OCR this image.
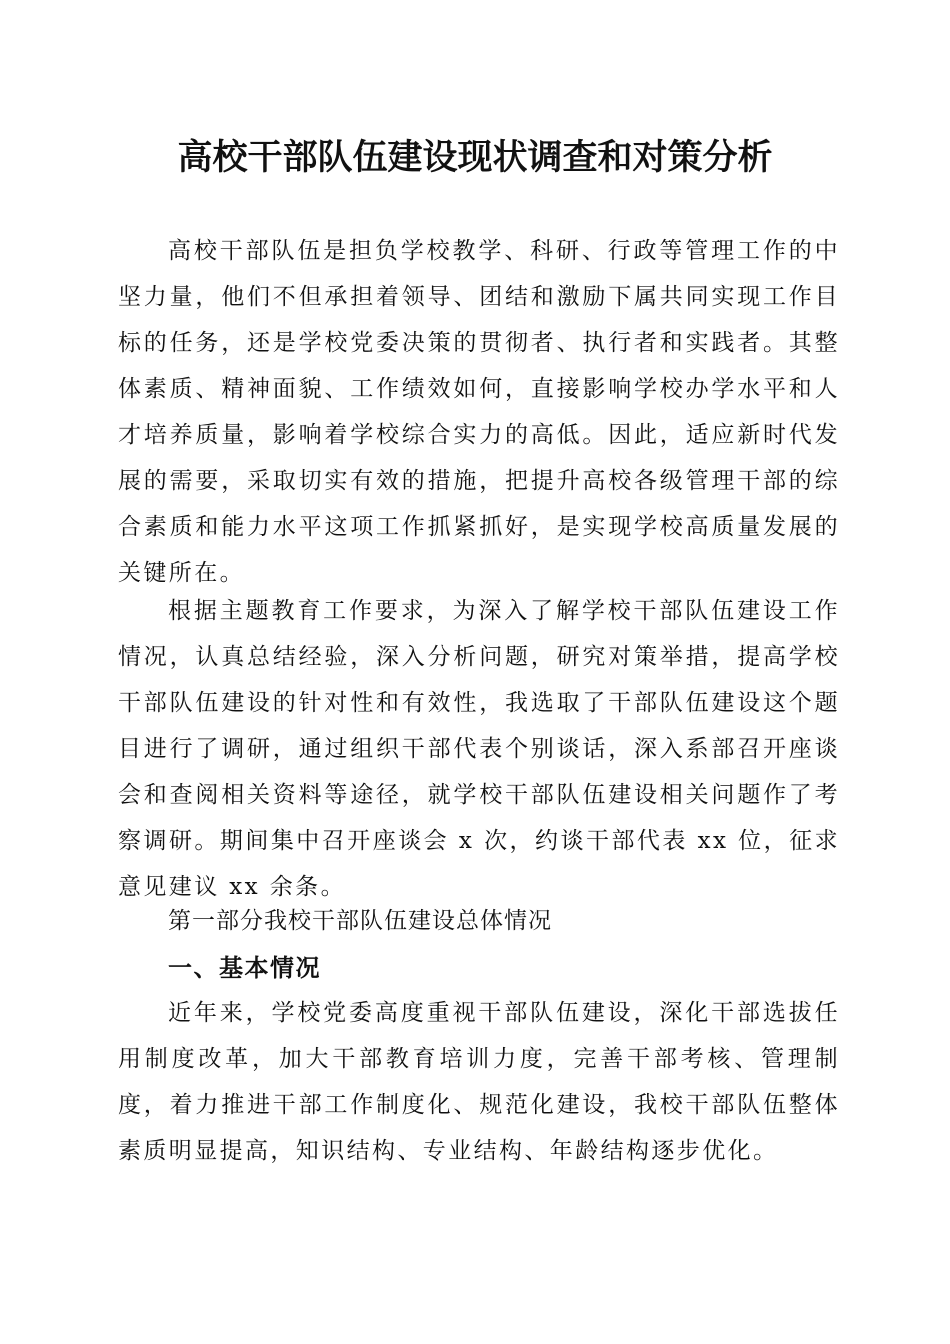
高校干部队伍建设现状调查和对策分析

高校干部队伍是担负学校教学、科研、行政等管理工作的中坚力量，他们不但承担着领导、团结和激励下属共同实现工作目标的任务，还是学校党委决策的贯彻者、执行者和实践者。其整体素质、精神面貌、工作绩效如何，直接影响学校办学水平和人才培养质量，影响着学校综合实力的高低。因此，适应新时代发展的需要，采取切实有效的措施，把提升高校各级管理干部的综合素质和能力水平这项工作抓紧抓好，是实现学校高质量发展的关键所在。

根据主题教育工作要求，为深入了解学校干部队伍建设工作情况，认真总结经验，深入分析问题，研究对策举措，提高学校干部队伍建设的针对性和有效性，我选取了干部队伍建设这个题目进行了调研，通过组织干部代表个别谈话，深入系部召开座谈会和查阅相关资料等途径，就学校干部队伍建设相关问题作了考察调研。期间集中召开座谈会 x 次，约谈干部代表 xx 位，征求意见建议 xx 余条。

第一部分我校干部队伍建设总体情况

一、基本情况

近年来，学校党委高度重视干部队伍建设，深化干部选拔任用制度改革，加大干部教育培训力度，完善干部考核、管理制度，着力推进干部工作制度化、规范化建设，我校干部队伍整体素质明显提高，知识结构、专业结构、年龄结构逐步优化。
